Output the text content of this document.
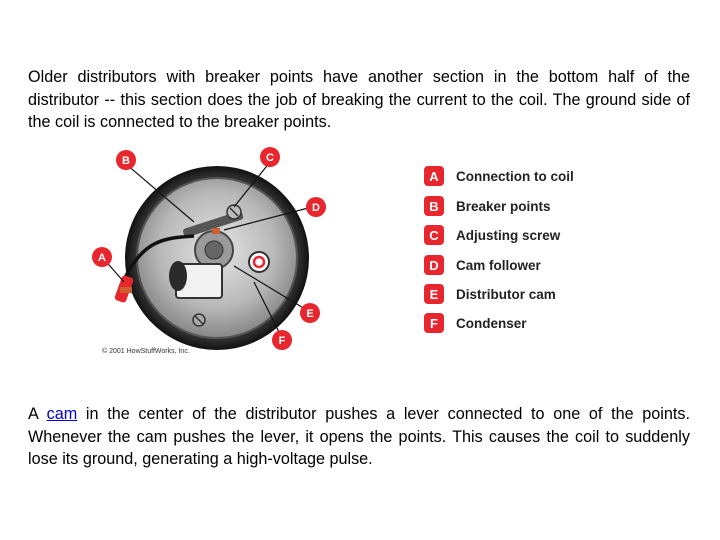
Older distributors with breaker points have another section in the bottom half of the distributor -- this section does the job of breaking the current to the coil. The ground side of the coil is connected to the breaker points.
B	C
D
A
E
F
© 2001 HowStuffWorks, Inc.
A	Connection to coil
B	Breaker points
C	Adjusting screw
D	Cam follower
E	Distributor cam
F	Condenser
A cam in the center of the distributor pushes a lever connected to one of the points. Whenever the cam pushes the lever, it opens the points. This causes the coil to suddenly lose its ground, generating a high-voltage pulse.
